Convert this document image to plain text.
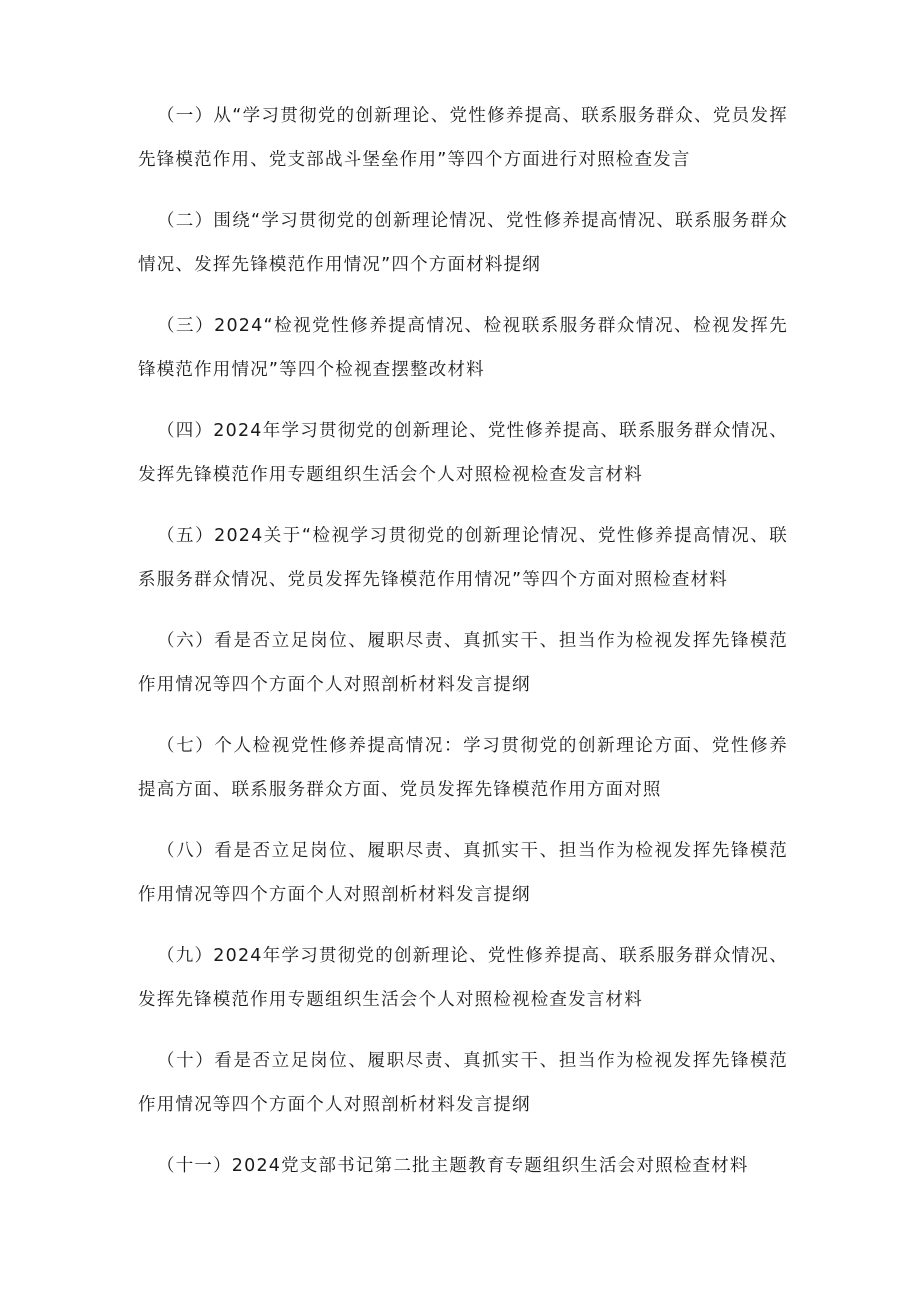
（一）从“学习贯彻党的创新理论、党性修养提高、联系服务群众、党员发挥先锋模范作用、党支部战斗堡垒作用”等四个方面进行对照检查发言
（二）围绕“学习贯彻党的创新理论情况、党性修养提高情况、联系服务群众情况、发挥先锋模范作用情况”四个方面材料提纲
（三）2024“检视党性修养提高情况、检视联系服务群众情况、检视发挥先锋模范作用情况”等四个检视查摆整改材料
（四）2024年学习贯彻党的创新理论、党性修养提高、联系服务群众情况、发挥先锋模范作用专题组织生活会个人对照检视检查发言材料
（五）2024关于“检视学习贯彻党的创新理论情况、党性修养提高情况、联系服务群众情况、党员发挥先锋模范作用情况”等四个方面对照检查材料
（六）看是否立足岗位、履职尽责、真抓实干、担当作为检视发挥先锋模范作用情况等四个方面个人对照剖析材料发言提纲
（七）个人检视党性修养提高情况：学习贯彻党的创新理论方面、党性修养提高方面、联系服务群众方面、党员发挥先锋模范作用方面对照
（八）看是否立足岗位、履职尽责、真抓实干、担当作为检视发挥先锋模范作用情况等四个方面个人对照剖析材料发言提纲
（九）2024年学习贯彻党的创新理论、党性修养提高、联系服务群众情况、发挥先锋模范作用专题组织生活会个人对照检视检查发言材料
（十）看是否立足岗位、履职尽责、真抓实干、担当作为检视发挥先锋模范作用情况等四个方面个人对照剖析材料发言提纲
（十一）2024党支部书记第二批主题教育专题组织生活会对照检查材料
